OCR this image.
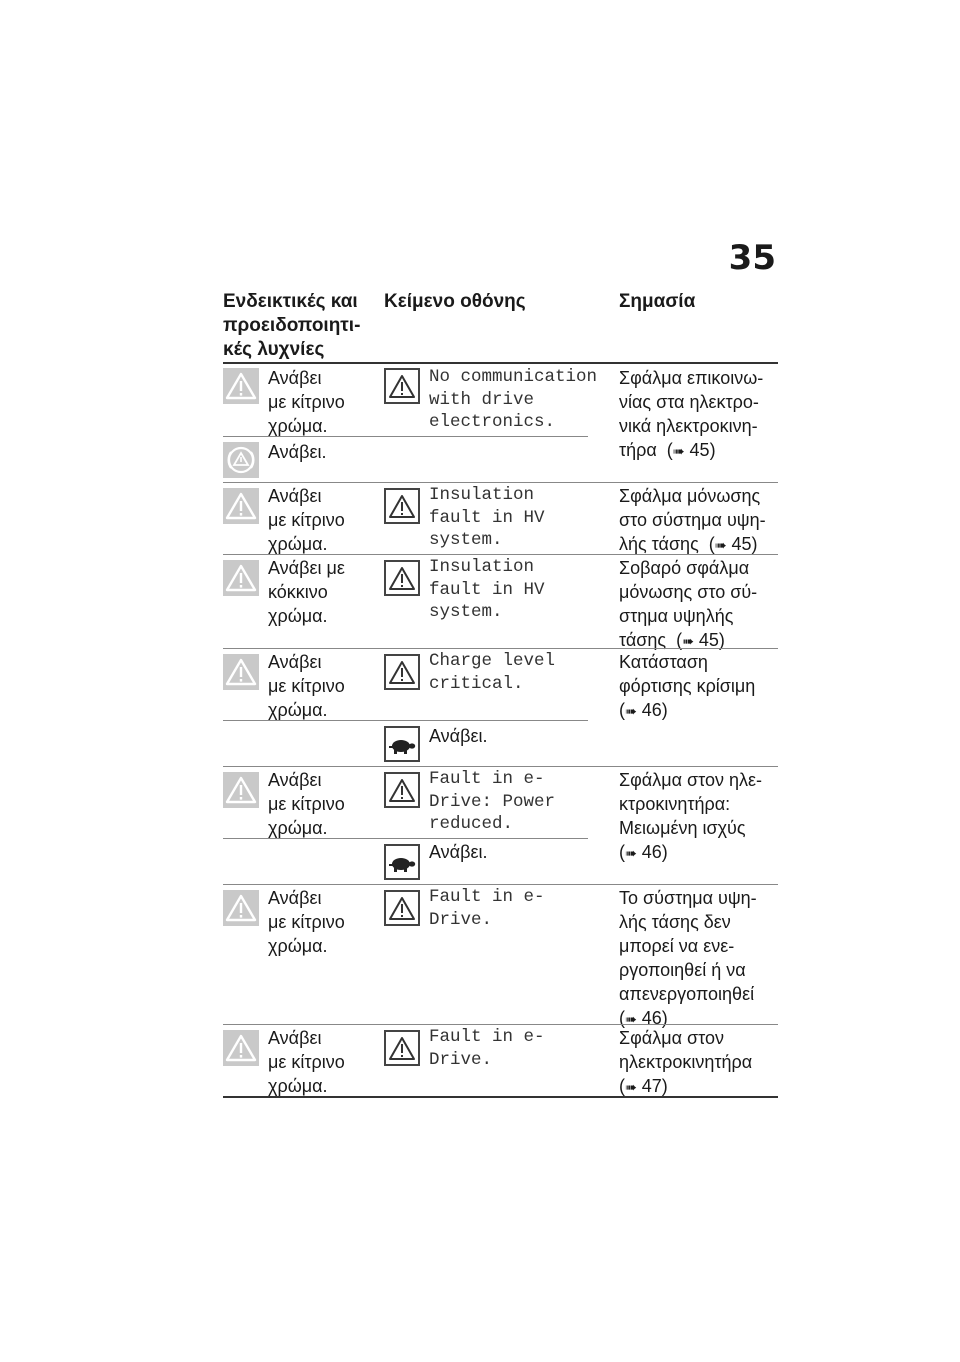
35
Ενδεικτικές και
προειδοποιητι-
κές λυχνίες
Κείμενο οθόνης	Σημασία
Ανάβει
με κίτρινο
χρώμα.
No communication
with drive
electronics.
Σφάλμα επικοινω-
νίας στα ηλεκτρο-
νικά ηλεκτροκινη-
τήρα  (➠ 45)
Ανάβει.
Ανάβει
με κίτρινο
χρώμα.
Insulation
fault in HV
system.
Σφάλμα μόνωσης
στο σύστημα υψη-
λής τάσης  (➠ 45)
Ανάβει με
κόκκινο
χρώμα.
Insulation
fault in HV
system.
Σοβαρό σφάλμα
μόνωσης στο σύ-
στημα υψηλής
τάσης  (➠ 45)
Ανάβει
με κίτρινο
χρώμα.
Charge level
critical.
Κατάσταση
φόρτισης κρίσιμη
(➠ 46)
Ανάβει.
Ανάβει
με κίτρινο
χρώμα.
Fault in e-
Drive: Power
reduced.
Σφάλμα στον ηλε-
κτροκινητήρα:
Μειωμένη ισχύς
(➠ 46)
Ανάβει.
Ανάβει
με κίτρινο
χρώμα.
Fault in e-
Drive.
Το σύστημα υψη-
λής τάσης δεν
μπορεί να ενε-
ργοποιηθεί ή να
απενεργοποιηθεί
(➠ 46)
Ανάβει
με κίτρινο
χρώμα.
Fault in e-
Drive.
Σφάλμα στον
ηλεκτροκινητήρα
(➠ 47)
